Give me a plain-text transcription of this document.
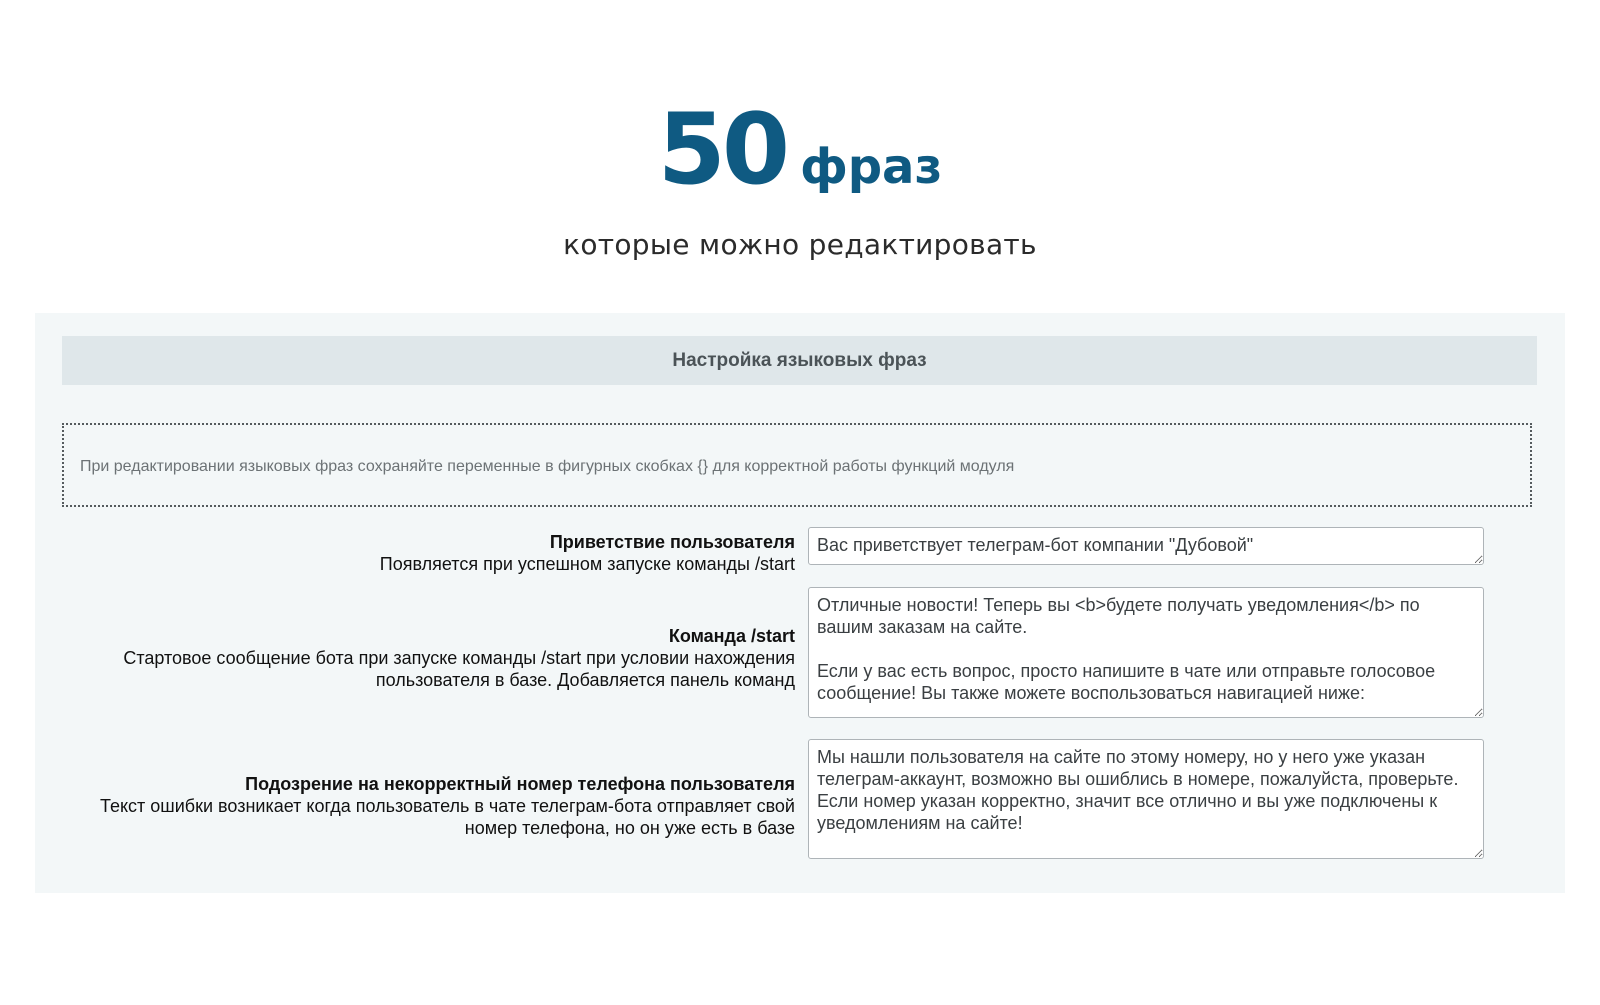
50 фраз
которые можно редактировать
Настройка языковых фраз
При редактировании языковых фраз сохраняйте переменные в фигурных скобках {} для корректной работы функций модуля
Приветствие пользователя
Появляется при успешном запуске команды /start
Вас приветствует телеграм-бот компании "Дубовой"
Команда /start
Стартовое сообщение бота при запуске команды /start при условии нахождения пользователя в базе. Добавляется панель команд
Отличные новости! Теперь вы <b>будете получать уведомления</b> по вашим заказам на сайте. Если у вас есть вопрос, просто напишите в чате или отправьте голосовое сообщение! Вы также можете воспользоваться навигацией ниже:
Подозрение на некорректный номер телефона пользователя
Текст ошибки возникает когда пользователь в чате телеграм-бота отправляет свой номер телефона, но он уже есть в базе
Мы нашли пользователя на сайте по этому номеру, но у него уже указан телеграм-аккаунт, возможно вы ошиблись в номере, пожалуйста, проверьте. Если номер указан корректно, значит все отлично и вы уже подключены к уведомлениям на сайте!
